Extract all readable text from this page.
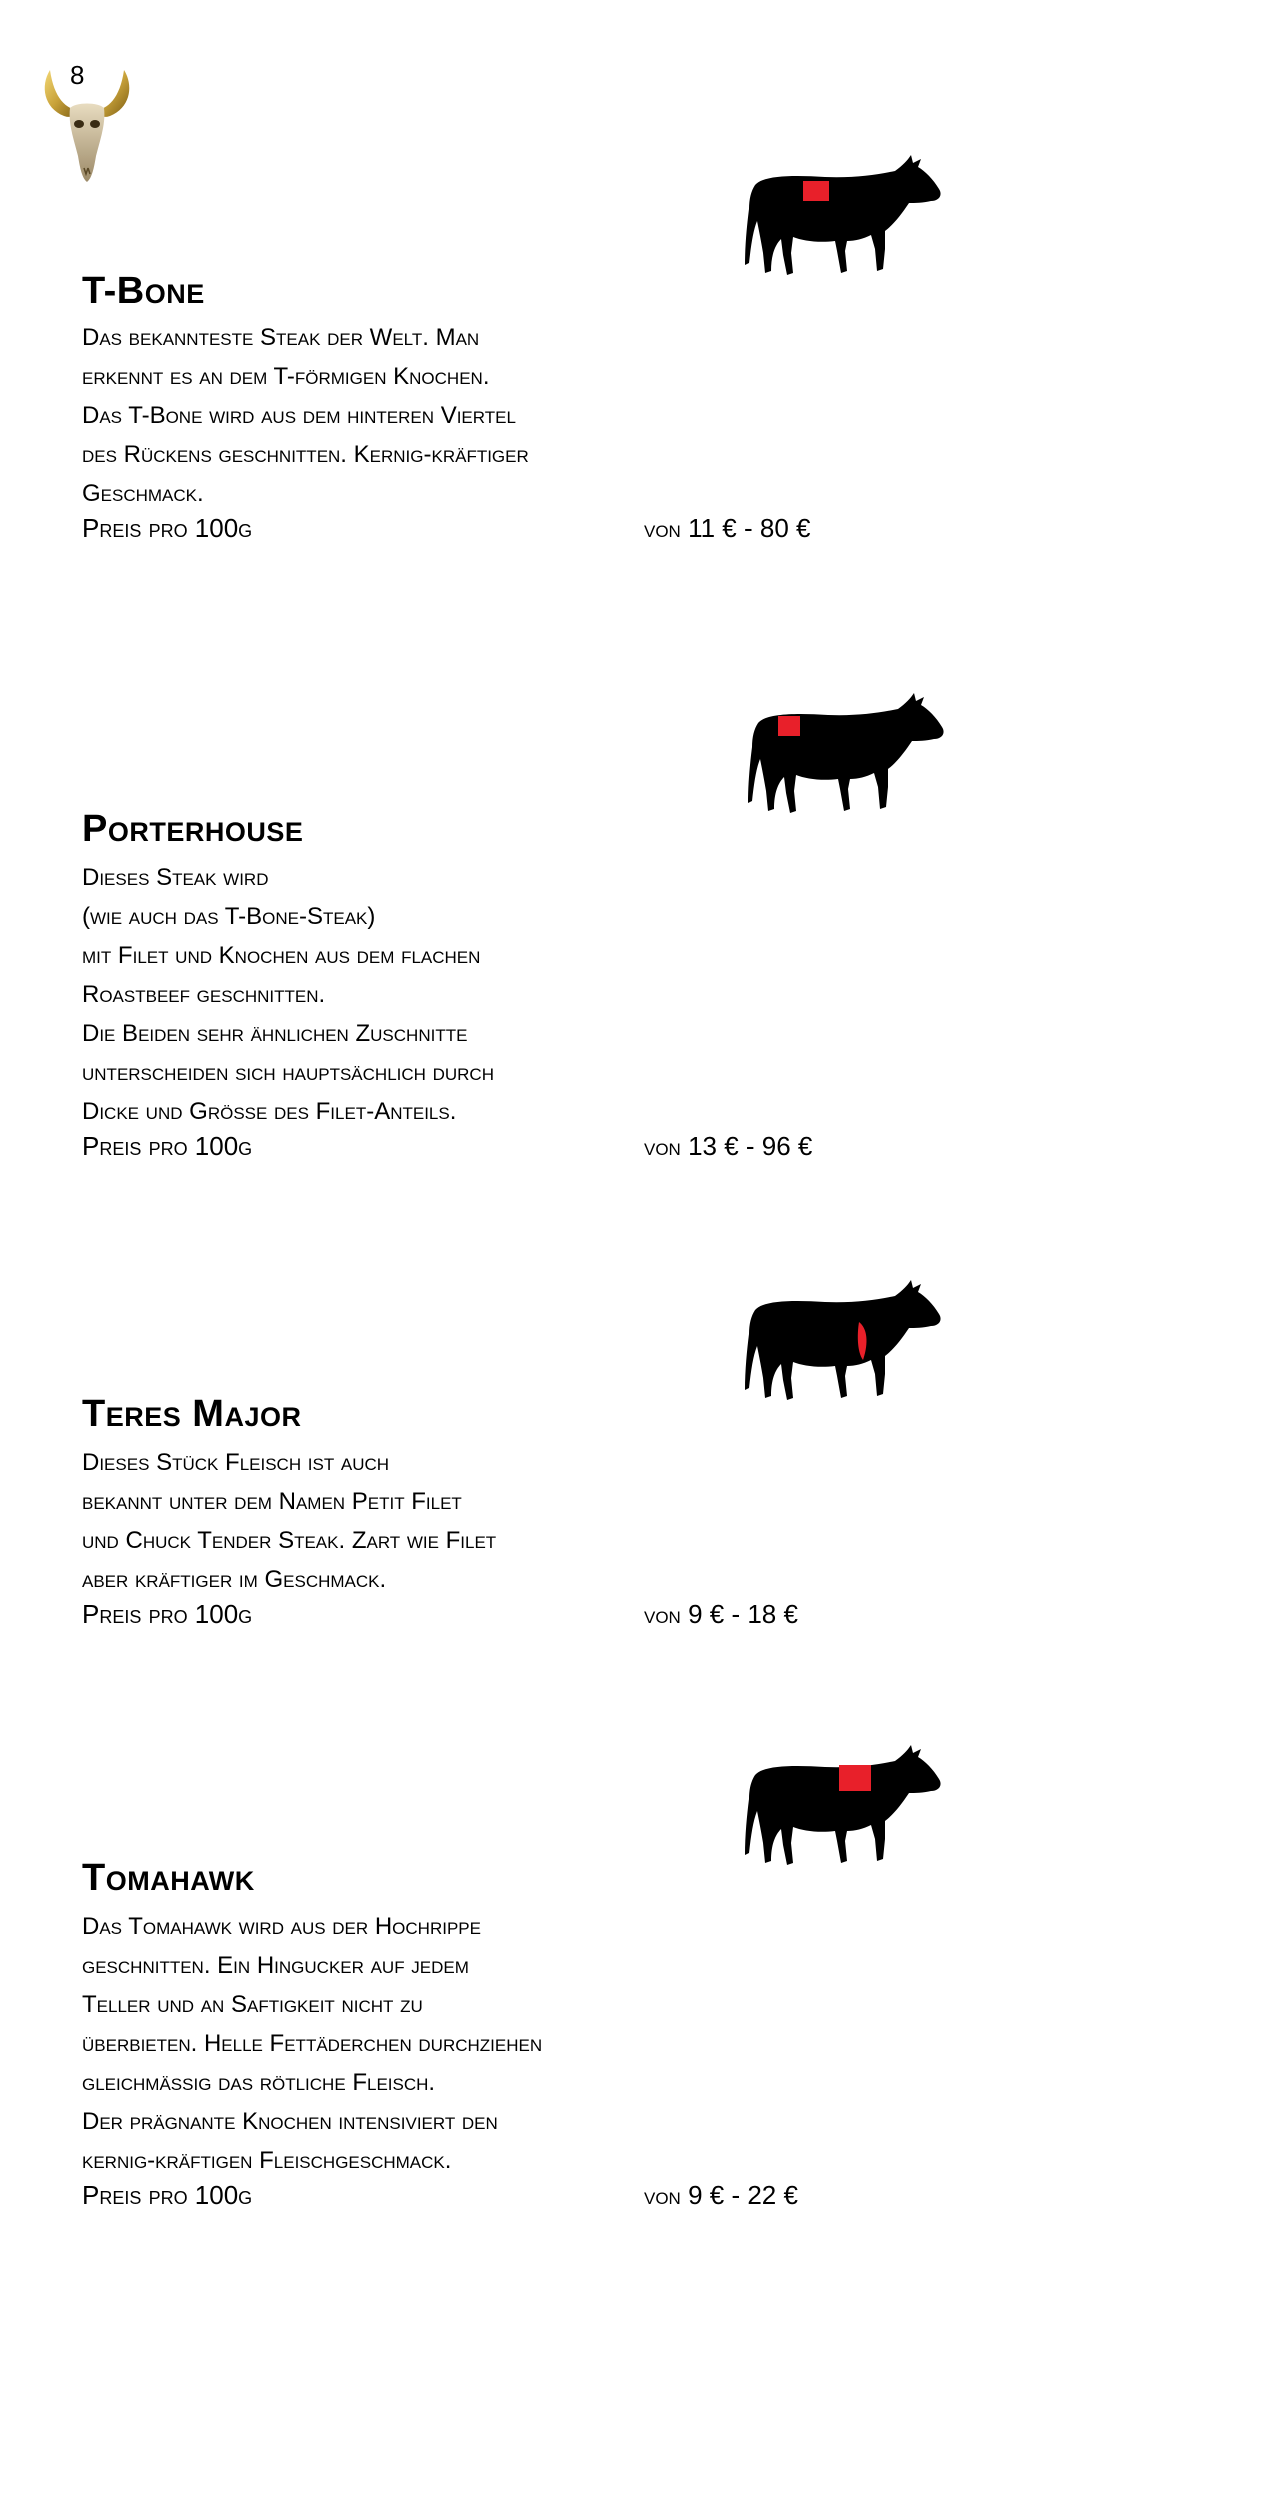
8
T-Bone

Das bekannteste Steak der Welt. Man

erkennt es an dem T-förmigen Knochen.

Das T-Bone wird aus dem hinteren Viertel

des Rückens geschnitten. Kernig-kräftiger

Geschmack.

Preis pro 100g	von 11 € - 80 €
Porterhouse

Dieses Steak wird

(wie auch das T-Bone-Steak)

mit Filet und Knochen aus dem flachen

Roastbeef geschnitten.

Die Beiden sehr ähnlichen Zuschnitte

unterscheiden sich hauptsächlich durch

Dicke und Größe des Filet-Anteils.

Preis pro 100g	von 13 € - 96 €
Teres Major

Dieses Stück Fleisch ist auch

bekannt unter dem Namen Petit Filet

und Chuck Tender Steak. Zart wie Filet

aber kräftiger im Geschmack.

Preis pro 100g	von 9 € - 18 €
Tomahawk

Das Tomahawk wird aus der Hochrippe

geschnitten. Ein Hingucker auf jedem

Teller und an Saftigkeit nicht zu

überbieten. Helle Fettäderchen durchziehen

gleichmäßig das rötliche Fleisch.

Der prägnante Knochen intensiviert den

kernig-kräftigen Fleischgeschmack.

Preis pro 100g	von 9 € - 22 €
